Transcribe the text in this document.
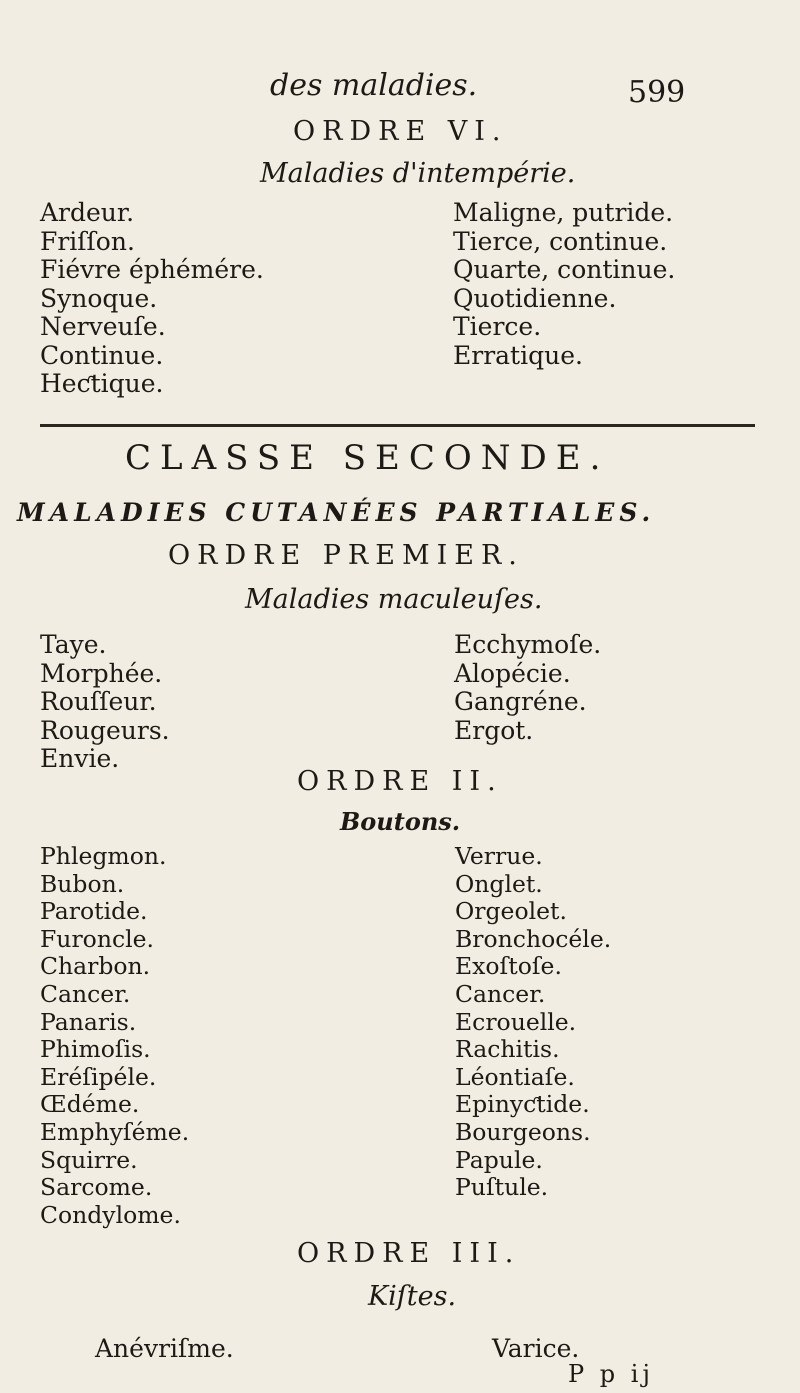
des maladies.	599
ORDRE VI.
Maladies d'intempérie.
Ardeur.
Friſſon.
Fiévre éphémére.
Synoque.
Nerveuſe.
Continue.
Heƈtique.
Maligne, putride.
Tierce, continue.
Quarte, continue.
Quotidienne.
Tierce.
Erratique.
CLASSE SECONDE.
MALADIES CUTANÉES PARTIALES.
ORDRE PREMIER.
Maladies maculeuſes.
Taye.
Morphée.
Rouſſeur.
Rougeurs.
Envie.
Ecchymoſe.
Alopécie.
Gangréne.
Ergot.
ORDRE II.
Boutons.
Phlegmon.
Bubon.
Parotide.
Furoncle.
Charbon.
Cancer.
Panaris.
Phimoſis.
Eréſipéle.
Œdéme.
Emphyſéme.
Squirre.
Sarcome.
Condylome.
Verrue.
Onglet.
Orgeolet.
Bronchocéle.
Exoſtoſe.
Cancer.
Ecrouelle.
Rachitis.
Léontiaſe.
Epinyƈtide.
Bourgeons.
Papule.
Puſtule.
ORDRE III.
Kiſtes.
Anévriſme.	Varice.
P p ij
